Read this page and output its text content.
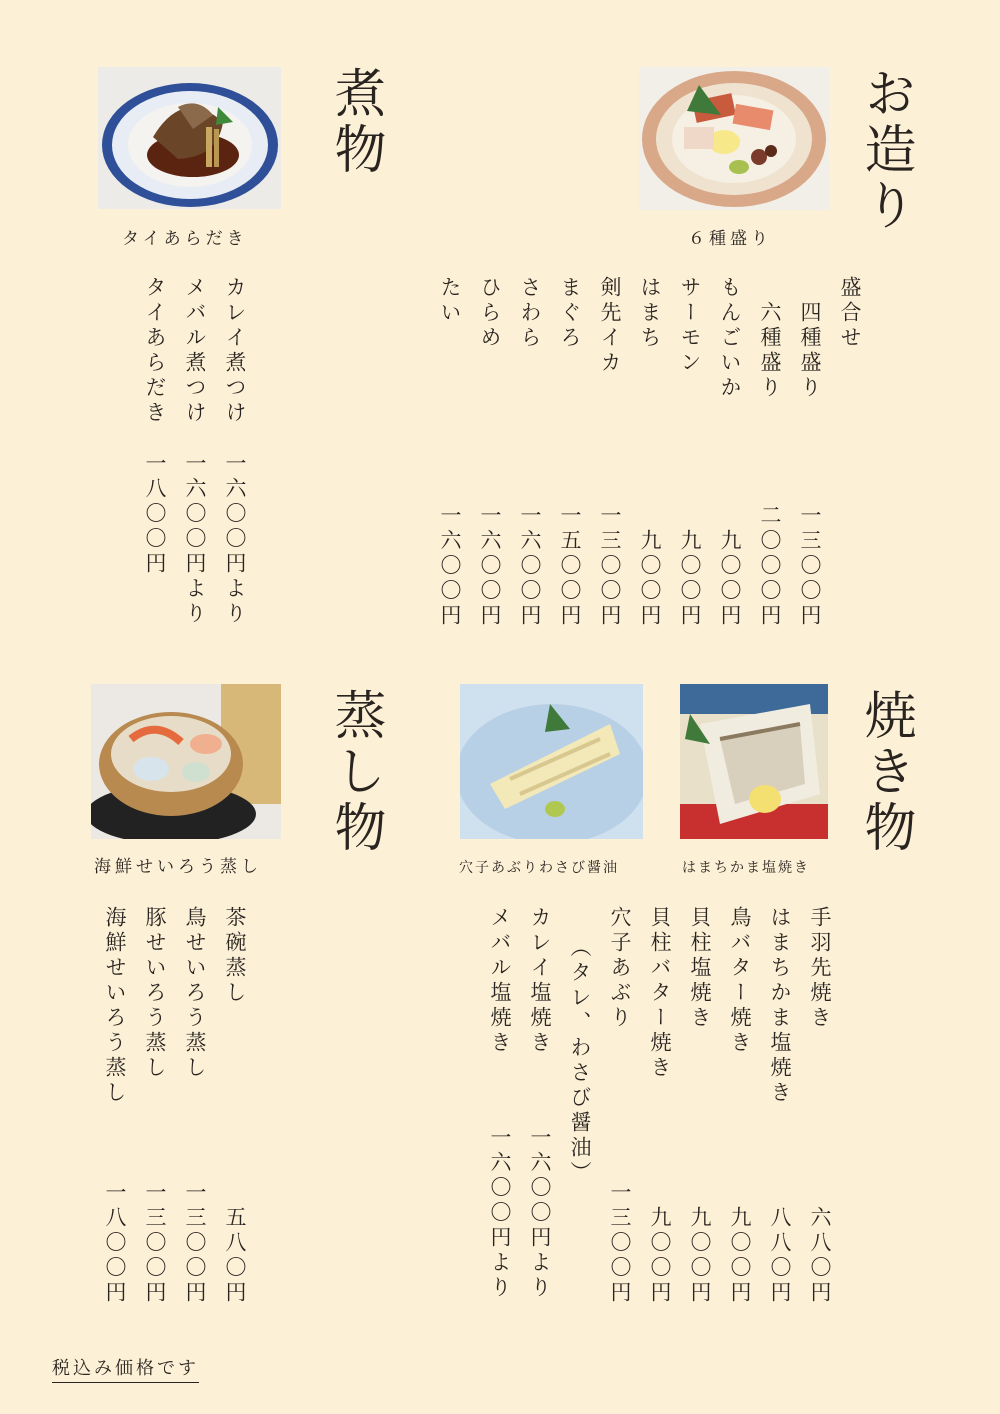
お造り
６種盛り
盛合せ
　四種盛り
一三〇〇円
　六種盛り
二〇〇〇円
もんごいか
九〇〇円
サーモン
九〇〇円
はまち
九〇〇円
剣先イカ
一三〇〇円
まぐろ
一五〇〇円
さわら
一六〇〇円
ひらめ
一六〇〇円
たい
一六〇〇円
煮物
タイあらだき
カレイ煮つけ
一六〇〇円より
メバル煮つけ
一六〇〇円より
タイあらだき
一八〇〇円
焼き物
穴子あぶりわさび醤油	はまちかま塩焼き
手羽先焼き
六八〇円
はまちかま塩焼き
八八〇円
鳥バター焼き
九〇〇円
貝柱塩焼き
九〇〇円
貝柱バター焼き
九〇〇円
穴子あぶり
一三〇〇円
（タレ、わさび醤油）
カレイ塩焼き
一六〇〇円より
メバル塩焼き
一六〇〇円より
蒸し物
海鮮せいろう蒸し
茶碗蒸し
五八〇円
鳥せいろう蒸し
一三〇〇円
豚せいろう蒸し
一三〇〇円
海鮮せいろう蒸し
一八〇〇円
税込み価格です
